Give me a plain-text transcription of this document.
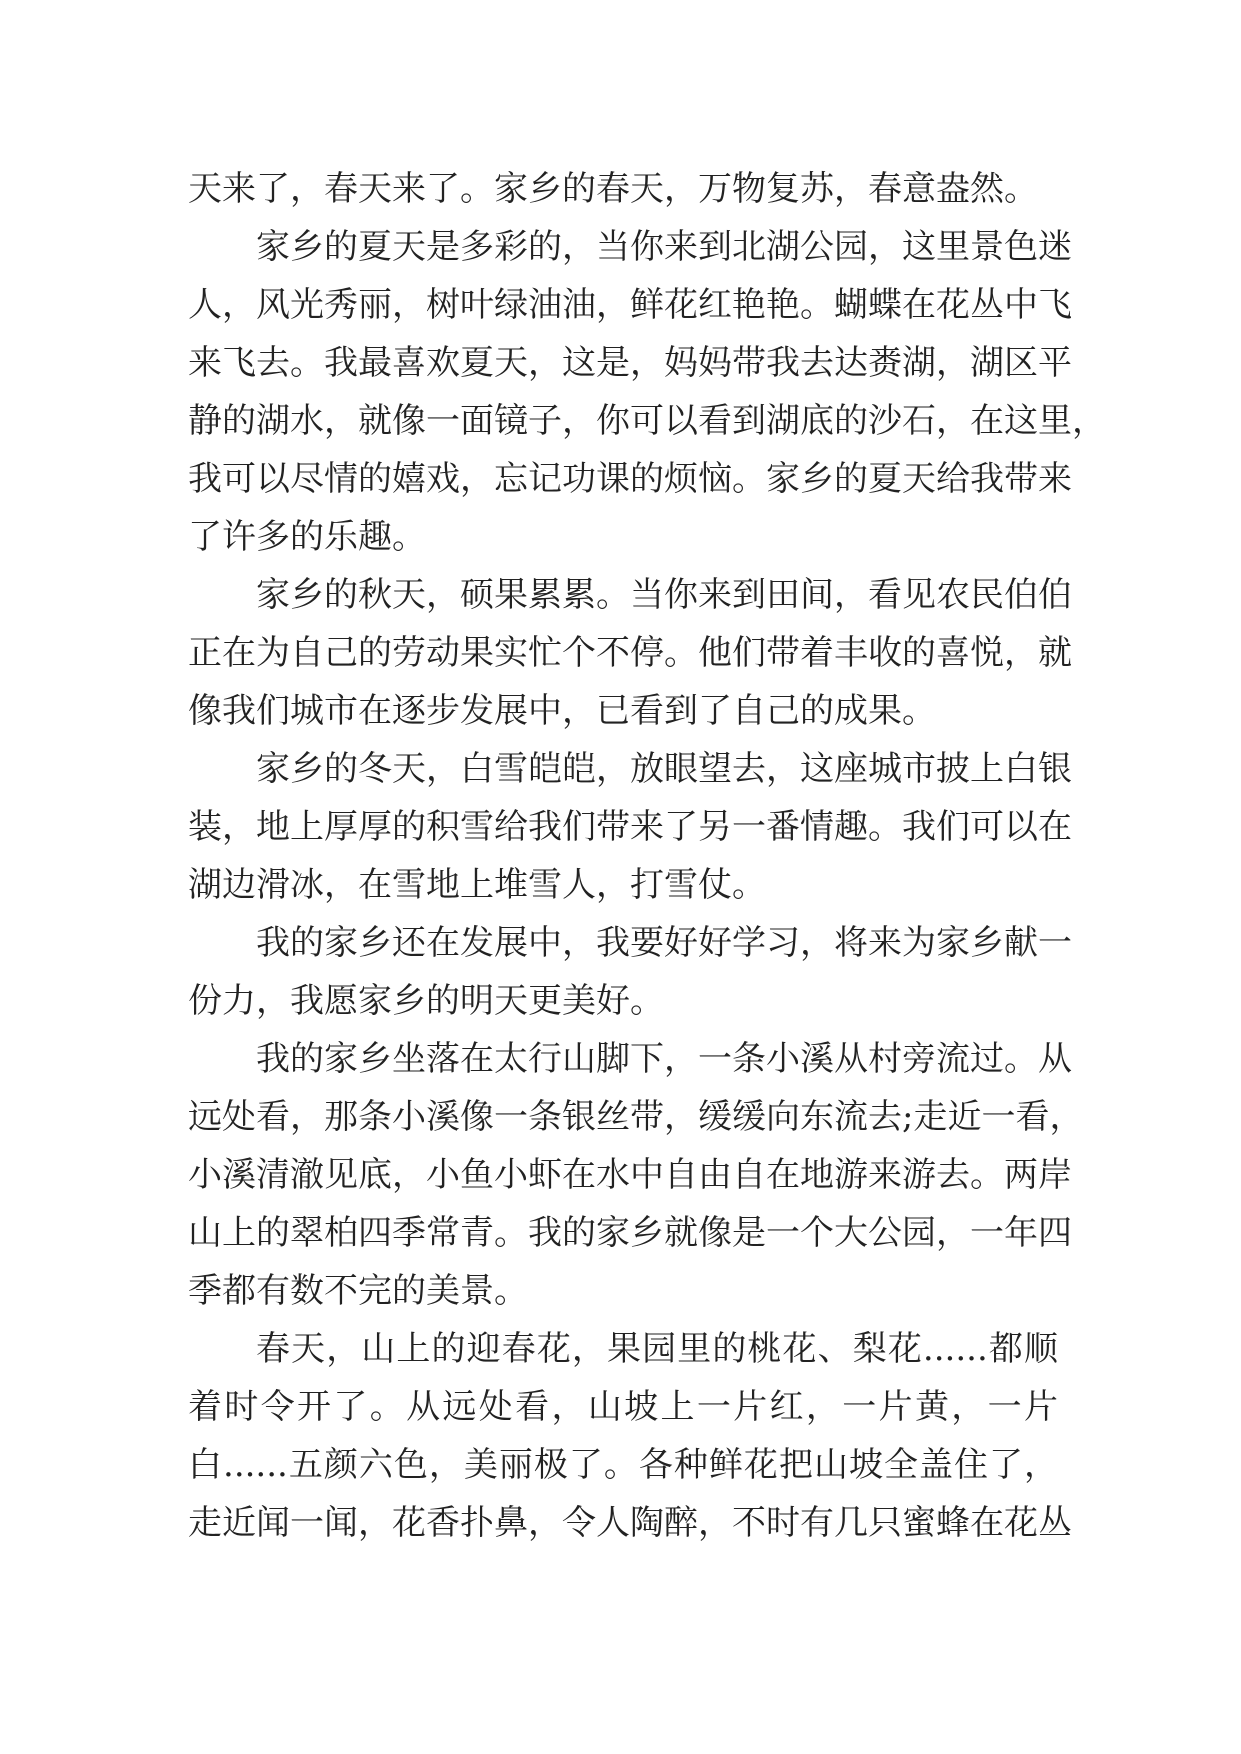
天来了，春天来了。家乡的春天，万物复苏，春意盎然。
家乡的夏天是多彩的，当你来到北湖公园，这里景色迷
人，风光秀丽，树叶绿油油，鲜花红艳艳。蝴蝶在花丛中飞
来飞去。我最喜欢夏天，这是，妈妈带我去达赉湖，湖区平
静的湖水，就像一面镜子，你可以看到湖底的沙石，在这里，
我可以尽情的嬉戏，忘记功课的烦恼。家乡的夏天给我带来
了许多的乐趣。
家乡的秋天，硕果累累。当你来到田间，看见农民伯伯
正在为自己的劳动果实忙个不停。他们带着丰收的喜悦，就
像我们城市在逐步发展中，已看到了自己的成果。
家乡的冬天，白雪皑皑，放眼望去，这座城市披上白银
装，地上厚厚的积雪给我们带来了另一番情趣。我们可以在
湖边滑冰，在雪地上堆雪人，打雪仗。
我的家乡还在发展中，我要好好学习，将来为家乡献一
份力，我愿家乡的明天更美好。
我的家乡坐落在太行山脚下，一条小溪从村旁流过。从
远处看，那条小溪像一条银丝带，缓缓向东流去;走近一看，
小溪清澈见底，小鱼小虾在水中自由自在地游来游去。两岸
山上的翠柏四季常青。我的家乡就像是一个大公园，一年四
季都有数不完的美景。
春天，山上的迎春花，果园里的桃花、梨花......都顺
着时令开了。从远处看，山坡上一片红，一片黄，一片
白......五颜六色，美丽极了。各种鲜花把山坡全盖住了，
走近闻一闻，花香扑鼻，令人陶醉，不时有几只蜜蜂在花丛
